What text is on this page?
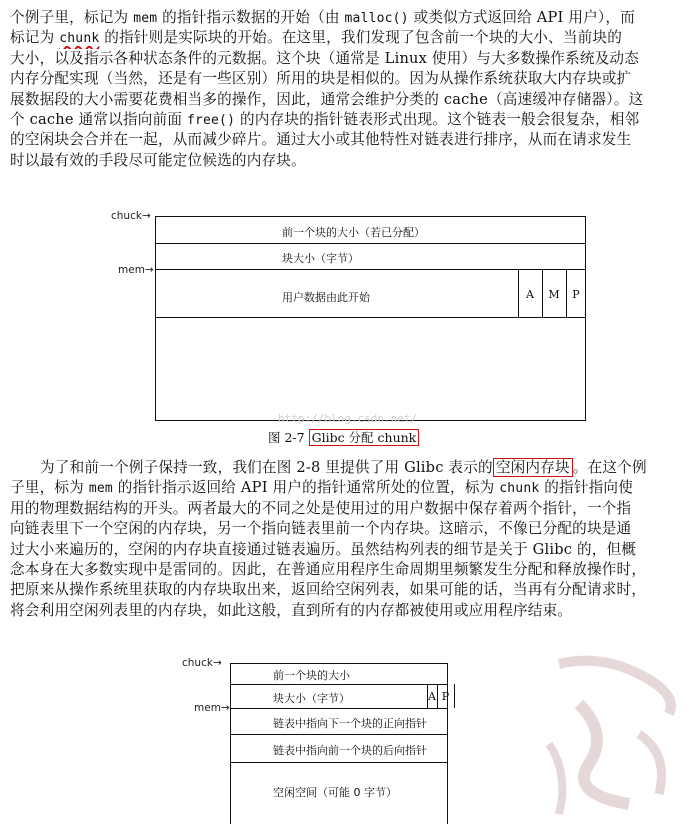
个例子里，标记为 mem 的指针指示数据的开始（由 malloc() 或类似方式返回给 API 用户），而
标记为 chunk 的指针则是实际块的开始。在这里，我们发现了包含前一个块的大小、当前块的
大小，以及指示各种状态条件的元数据。这个块（通常是 Linux 使用）与大多数操作系统及动态
内存分配实现（当然，还是有一些区别）所用的块是相似的。因为从操作系统获取大内存块或扩
展数据段的大小需要花费相当多的操作，因此，通常会维护分类的 cache（高速缓冲存储器）。这
个 cache 通常以指向前面 free() 的内存块的指针链表形式出现。这个链表一般会很复杂，相邻
的空闲块会合并在一起，从而减少碎片。通过大小或其他特性对链表进行排序，从而在请求发生
时以最有效的手段尽可能定位候选的内存块。
chuck→
mem→
前一个块的大小（若已分配）
块大小（字节）
用户数据由此开始	A	M	P
http://blog.csdn.net/
图 2-7 Glibc 分配 chunk
为了和前一个例子保持一致，我们在图 2-8 里提供了用 Glibc 表示的 空闲内存块 。在这个例
子里，标为 mem 的指针指示返回给 API 用户的指针通常所处的位置，标为 chunk 的指针指向使
用的物理数据结构的开头。两者最大的不同之处是使用过的用户数据中保存着两个指针，一个指
向链表里下一个空闲的内存块，另一个指向链表里前一个内存块。这暗示，不像已分配的块是通
过大小来遍历的，空闲的内存块直接通过链表遍历。虽然结构列表的细节是关于 Glibc 的，但概
念本身在大多数实现中是雷同的。因此，在普通应用程序生命周期里频繁发生分配和释放操作时，
把原来从操作系统里获取的内存块取出来，返回给空闲列表，如果可能的话，当再有分配请求时，
将会利用空闲列表里的内存块，如此这般，直到所有的内存都被使用或应用程序结束。
chuck→
mem→
前一个块的大小
块大小（字节）	A P
链表中指向下一个块的正向指针
链表中指向前一个块的后向指针
空闲空间（可能 0 字节）
